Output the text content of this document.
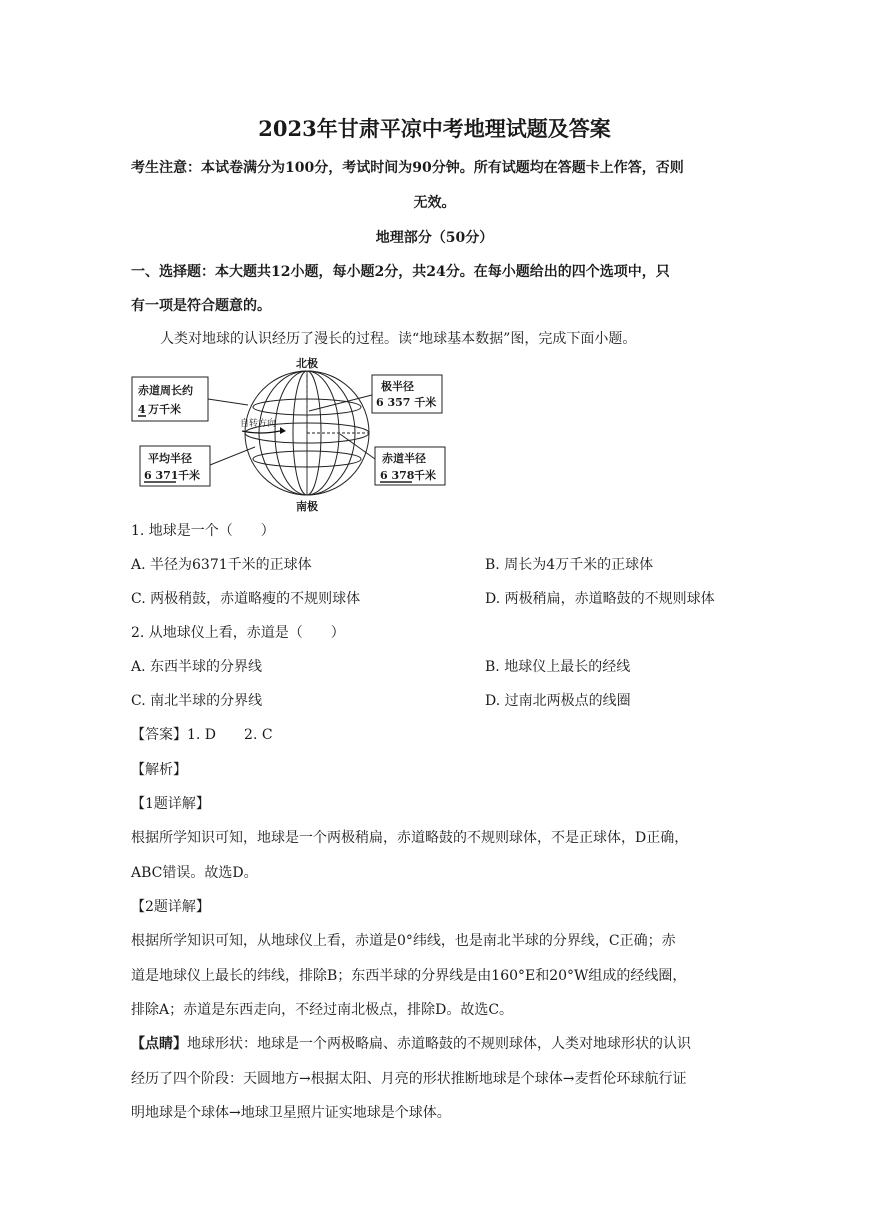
2023年甘肃平凉中考地理试题及答案
考生注意：本试卷满分为100分，考试时间为90分钟。所有试题均在答题卡上作答，否则
无效。
地理部分（50分）
一、选择题：本大题共12小题，每小题2分，共24分。在每小题给出的四个选项中，只
有一项是符合题意的。
人类对地球的认识经历了漫长的过程。读“地球基本数据”图，完成下面小题。
北极
南极
自转方向
赤道周长约
4 万千米
平均半径
6 371 千米
极半径
6 357 千米
赤道半径
6 378 千米
1. 地球是一个（　　）
A. 半径为6371千米的正球体	B. 周长为4万千米的正球体
C. 两极稍鼓，赤道略瘦的不规则球体	D. 两极稍扁，赤道略鼓的不规则球体
2. 从地球仪上看，赤道是（　　）
A. 东西半球的分界线	B. 地球仪上最长的经线
C. 南北半球的分界线	D. 过南北两极点的线圈
【答案】1. D　　2. C
【解析】
【1题详解】
根据所学知识可知，地球是一个两极稍扁，赤道略鼓的不规则球体，不是正球体，D正确，
ABC错误。故选D。
【2题详解】
根据所学知识可知，从地球仪上看，赤道是0°纬线，也是南北半球的分界线，C正确；赤
道是地球仪上最长的纬线，排除B；东西半球的分界线是由160°E和20°W组成的经线圈，
排除A；赤道是东西走向，不经过南北极点，排除D。故选C。
【点睛】地球形状：地球是一个两极略扁、赤道略鼓的不规则球体，人类对地球形状的认识
经历了四个阶段：天圆地方→根据太阳、月亮的形状推断地球是个球体→麦哲伦环球航行证
明地球是个球体→地球卫星照片证实地球是个球体。
